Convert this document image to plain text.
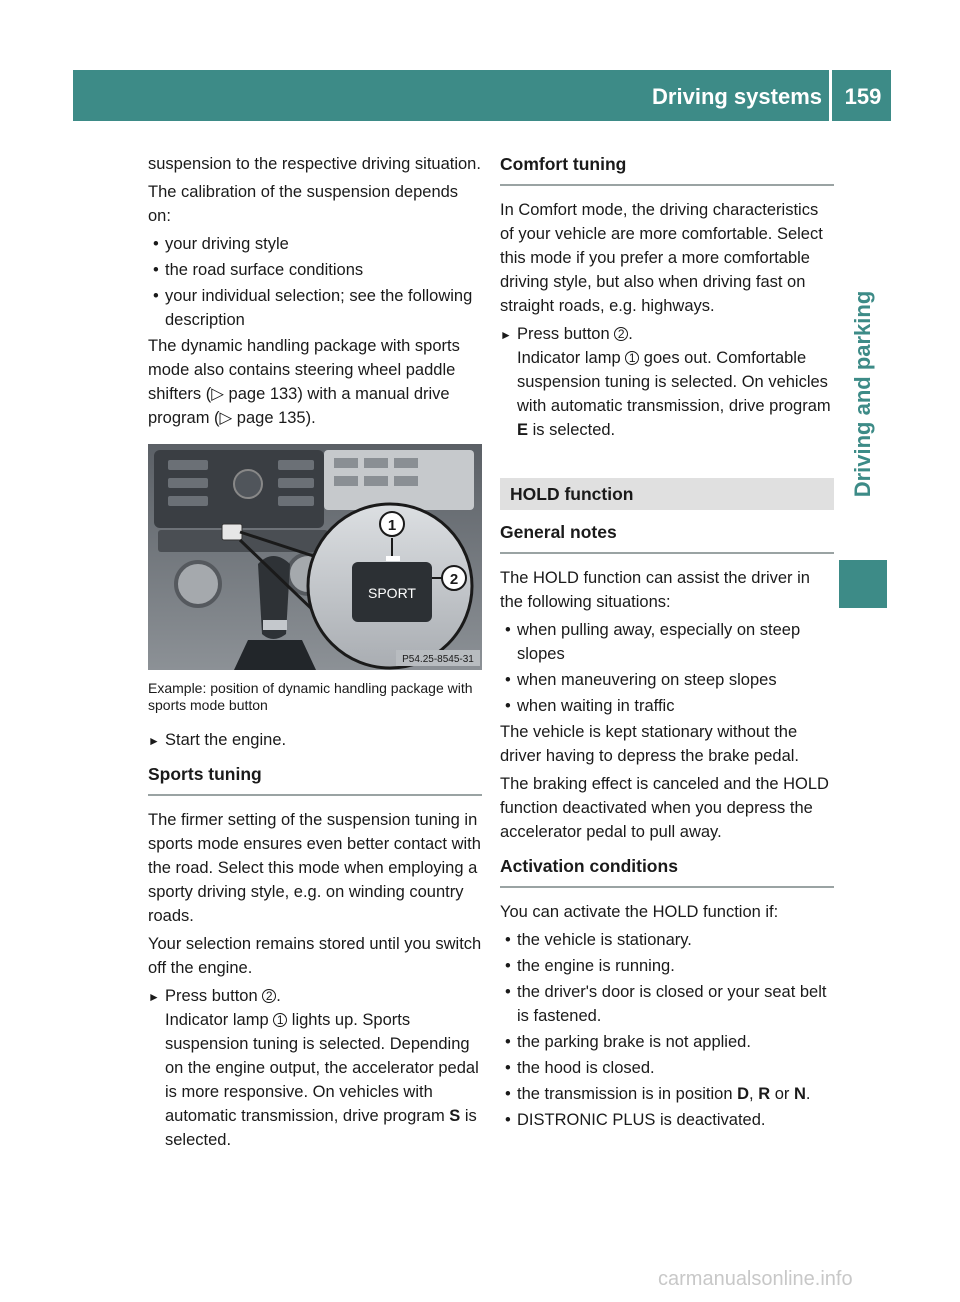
Driving systems	159
Driving and parking

suspension to the respective driving situation.

The calibration of the suspension depends on:

• your driving style
• the road surface conditions
• your individual selection; see the following description

The dynamic handling package with sports mode also contains steering wheel paddle shifters (▷ page 133) with a manual drive program (▷ page 135).

SPORT
1
2
P54.25-8545-31
Example: position of dynamic handling package with sports mode button
► Start the engine.
Sports tuning

The firmer setting of the suspension tuning in sports mode ensures even better contact with the road. Select this mode when employing a sporty driving style, e.g. on winding country roads.

Your selection remains stored until you switch off the engine.

► Press button 2 .
Indicator lamp 1 lights up. Sports suspension tuning is selected. Depending on the engine output, the accelerator pedal is more responsive. On vehicles with automatic transmission, drive program S is selected.
Comfort tuning

In Comfort mode, the driving characteristics of your vehicle are more comfortable. Select this mode if you prefer a more comfortable driving style, but also when driving fast on straight roads, e.g. highways.

► Press button 2 .
Indicator lamp 1 goes out. Comfortable suspension tuning is selected. On vehicles with automatic transmission, drive program E is selected.
HOLD function
General notes

The HOLD function can assist the driver in the following situations:

• when pulling away, especially on steep slopes
• when maneuvering on steep slopes
• when waiting in traffic

The vehicle is kept stationary without the driver having to depress the brake pedal.

The braking effect is canceled and the HOLD function deactivated when you depress the accelerator pedal to pull away.

Activation conditions

You can activate the HOLD function if:

• the vehicle is stationary.
• the engine is running.
• the driver's door is closed or your seat belt is fastened.
• the parking brake is not applied.
• the hood is closed.
• the transmission is in position D, R or N.
• DISTRONIC PLUS is deactivated.
carmanualsonline.info
